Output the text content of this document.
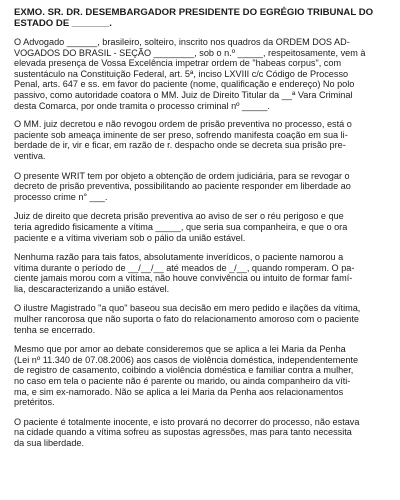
EXMO. SR. DR. DESEMBARGADOR PRESIDENTE DO EGRÉGIO TRIBUNAL DO
ESTADO DE _______.
O Advogado ______, brasileiro, solteiro, inscrito nos quadros da ORDEM DOS AD-
VOGADOS DO BRASIL - SEÇÃO ________, sob o n.º _____, respeitosamente, vem à
elevada presença de Vossa Excelência impetrar ordem de "habeas corpus", com
sustentáculo na Constituição Federal, art. 5ª, inciso LXVIII c/c Código de Processo
Penal, arts. 647 e ss. em favor do paciente (nome, qualificação e endereço) No polo
passivo, como autoridade coatora o MM. Juiz de Direito Titular da __ª Vara Criminal
desta Comarca, por onde tramita o processo criminal nº _____.
O MM. juiz decretou e não revogou ordem de prisão preventiva no processo, está o
paciente sob ameaça iminente de ser preso, sofrendo manifesta coação em sua li-
berdade de ir, vir e ficar, em razão de r. despacho onde se decreta sua prisão pre-
ventiva.
O presente WRIT tem por objeto a obtenção de ordem judiciária, para se revogar o
decreto de prisão preventiva, possibilitando ao paciente responder em liberdade ao
processo crime n° ___.
Juiz de direito que decreta prisão preventiva ao aviso de ser o réu perigoso e que
teria agredido fisicamente a vítima _____, que seria sua companheira, e que o ora
paciente e a vítima viveriam sob o pálio da união estável.
Nenhuma razão para tais fatos, absolutamente inverídicos, o paciente namorou a
vítima durante o período de __/__/__ até meados de _/__, quando romperam. O pa-
ciente jamais morou com a vítima, não houve convivência ou intuito de formar famí-
lia, descaracterizando a união estável.
O ilustre Magistrado "a quo" baseou sua decisão em mero pedido e ilações da vítima,
mulher rancorosa que não suporta o fato do relacionamento amoroso com o paciente
tenha se encerrado.
Mesmo que por amor ao debate consideremos que se aplica a lei Maria da Penha
(Lei nº 11.340 de 07.08.2006) aos casos de violência doméstica, independentemente
de registro de casamento, coibindo a violência doméstica e familiar contra a mulher,
no caso em tela o paciente não é parente ou marido, ou ainda companheiro da víti-
ma, e sim ex-namorado. Não se aplica a lei Maria da Penha aos relacionamentos
pretéritos.
O paciente é totalmente inocente, e isto provará no decorrer do processo, não estava
na cidade quando a vítima sofreu as supostas agressões, mas para tanto necessita
da sua liberdade.
